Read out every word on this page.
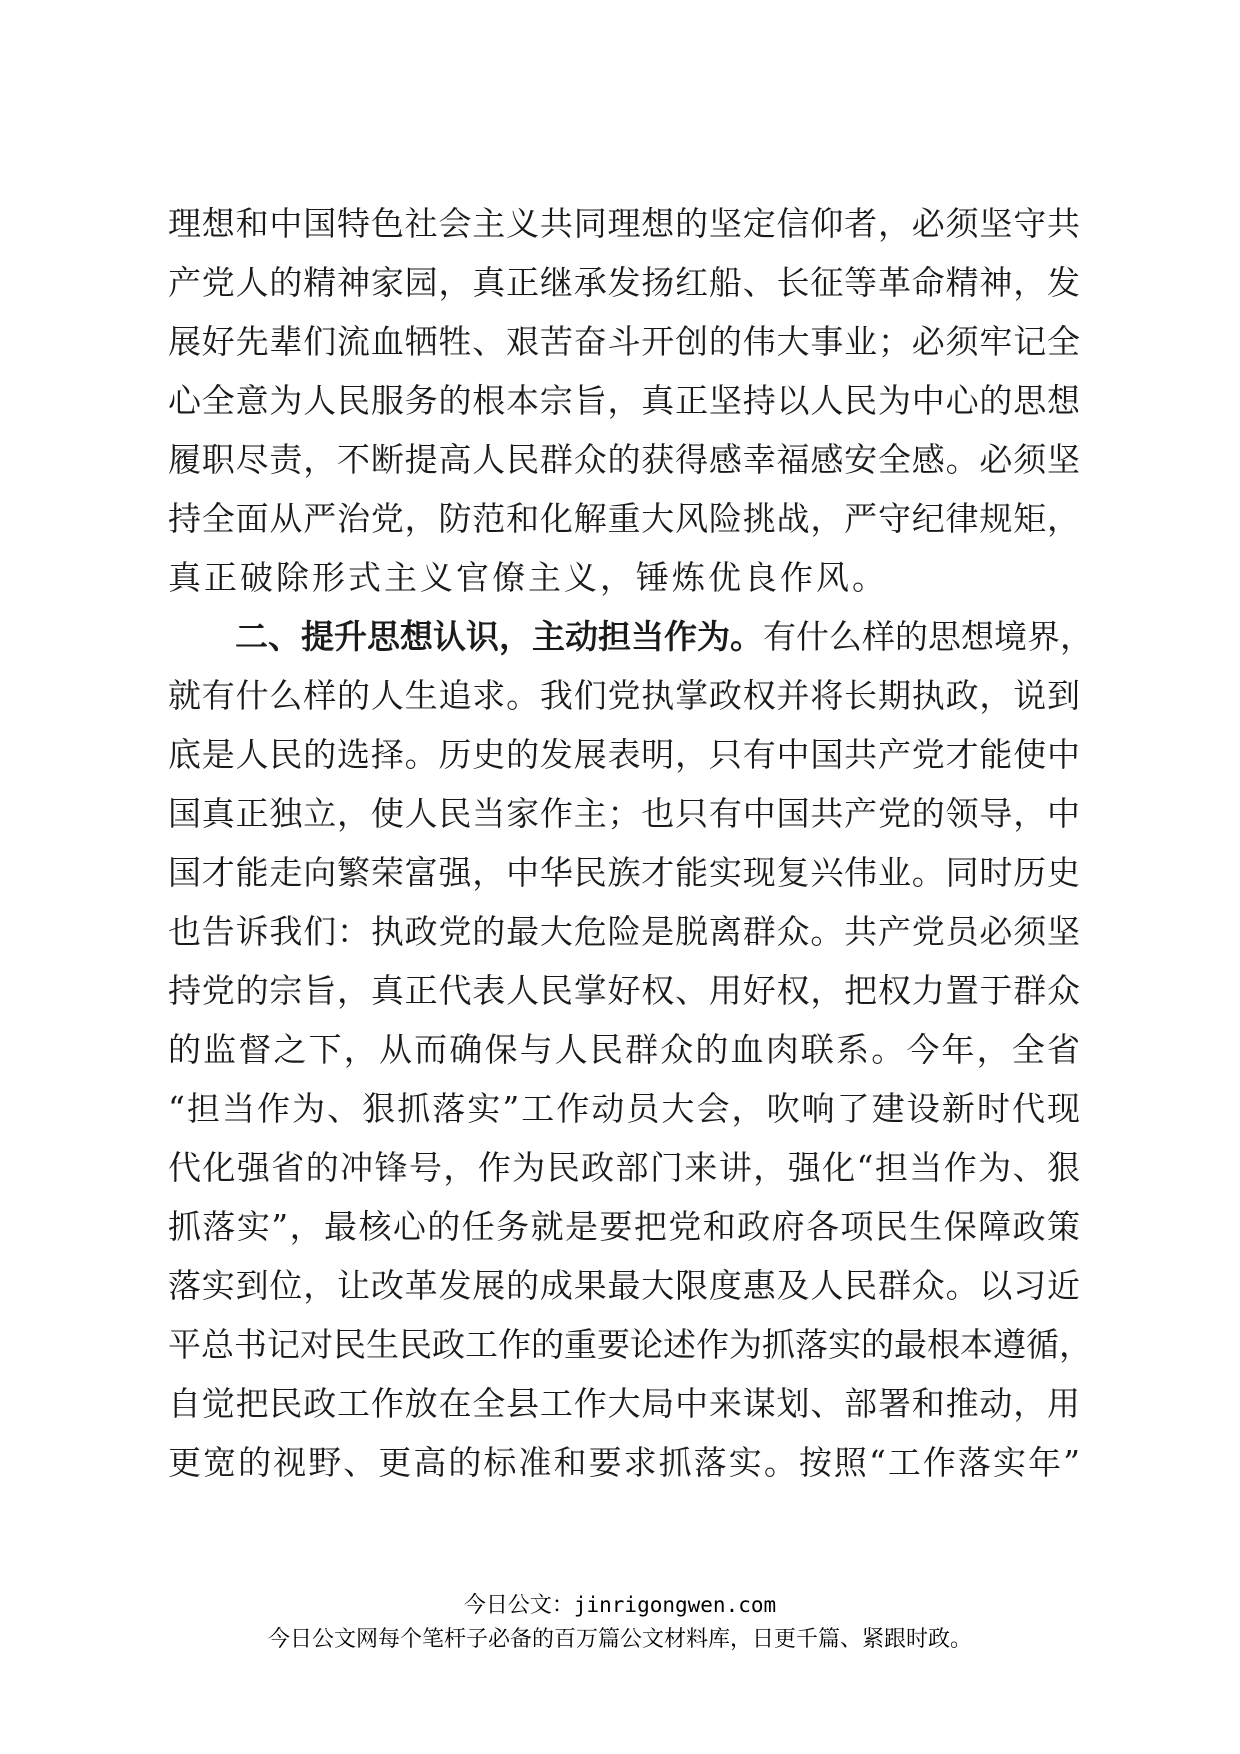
理想和中国特色社会主义共同理想的坚定信仰者，必须坚守共
产党人的精神家园，真正继承发扬红船、长征等革命精神，发
展好先辈们流血牺牲、艰苦奋斗开创的伟大事业；必须牢记全
心全意为人民服务的根本宗旨，真正坚持以人民为中心的思想
履职尽责，不断提高人民群众的获得感幸福感安全感。必须坚
持全面从严治党，防范和化解重大风险挑战，严守纪律规矩，
真正破除形式主义官僚主义，锤炼优良作风。
二、提升思想认识，主动担当作为。有什么样的思想境界，
就有什么样的人生追求。我们党执掌政权并将长期执政，说到
底是人民的选择。历史的发展表明，只有中国共产党才能使中
国真正独立，使人民当家作主；也只有中国共产党的领导，中
国才能走向繁荣富强，中华民族才能实现复兴伟业。同时历史
也告诉我们：执政党的最大危险是脱离群众。共产党员必须坚
持党的宗旨，真正代表人民掌好权、用好权，把权力置于群众
的监督之下，从而确保与人民群众的血肉联系。今年，全省
“担当作为、狠抓落实”工作动员大会，吹响了建设新时代现
代化强省的冲锋号，作为民政部门来讲，强化“担当作为、狠
抓落实”，最核心的任务就是要把党和政府各项民生保障政策
落实到位，让改革发展的成果最大限度惠及人民群众。以习近
平总书记对民生民政工作的重要论述作为抓落实的最根本遵循，
自觉把民政工作放在全县工作大局中来谋划、部署和推动，用
更宽的视野、更高的标准和要求抓落实。按照“工作落实年”
今日公文：jinrigongwen.com
今日公文网每个笔杆子必备的百万篇公文材料库，日更千篇、紧跟时政。
